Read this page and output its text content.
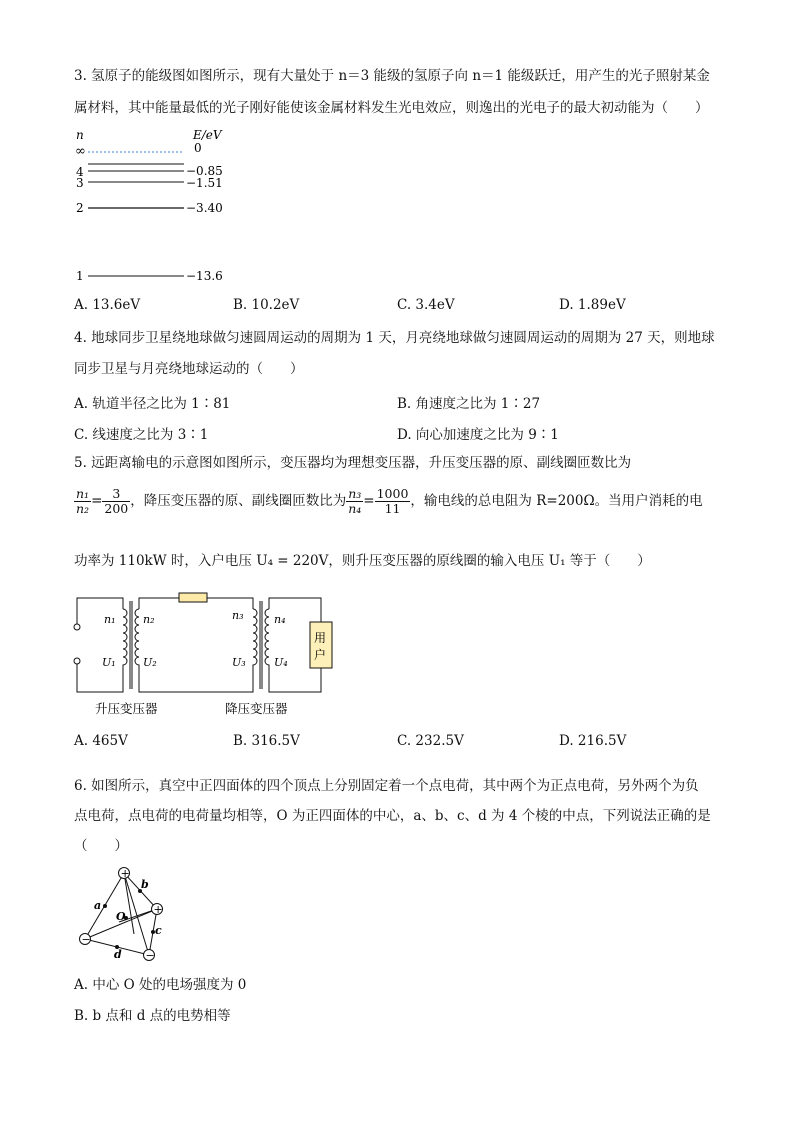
3. 氢原子的能级图如图所示，现有大量处于 n＝3 能级的氢原子向 n＝1 能级跃迁，用产生的光子照射某金
属材料，其中能量最低的光子刚好能使该金属材料发生光电效应，则逸出的光电子的最大初动能为（　　）
n	E/eV
∞	0
4	−0.85
3	−1.51
2	−3.40
1	−13.6
A. 13.6eV	B. 10.2eV	C. 3.4eV	D. 1.89eV
4. 地球同步卫星绕地球做匀速圆周运动的周期为 1 天，月亮绕地球做匀速圆周运动的周期为 27 天，则地球
同步卫星与月亮绕地球运动的（　　）
A. 轨道半径之比为 1∶81	B. 角速度之比为 1∶27
C. 线速度之比为 3∶1	D. 向心加速度之比为 9∶1
5. 远距离输电的示意图如图所示，变压器均为理想变压器，升压变压器的原、副线圈匝数比为
$\frac{\text{n₁}}{\text{n₂}} = \frac{3}{200}$ ，降压变压器的原、副线圈匝数比为 $\frac{\text{n₃}}{\text{n₄}} = \frac{1000}{11}$ ，输电线的总电阻为 R=200Ω。当用户消耗的电
功率为 110kW 时，入户电压 U₄ = 220V，则升压变压器的原线圈的输入电压 U₁ 等于（　　）
用
户
n₁
U₁
n₂
U₂
n₃
U₃
n₄
U₄
升压变压器	降压变压器
A. 465V	B. 316.5V	C. 232.5V	D. 216.5V
6. 如图所示，真空中正四面体的四个顶点上分别固定着一个点电荷，其中两个为正点电荷，另外两个为负
点电荷，点电荷的电荷量均相等，O 为正四面体的中心，a、b、c、d 为 4 个棱的中点，下列说法正确的是
（　　）
a
b
c
d
O
+
+
−
−
A. 中心 O 处的电场强度为 0
B. b 点和 d 点的电势相等
